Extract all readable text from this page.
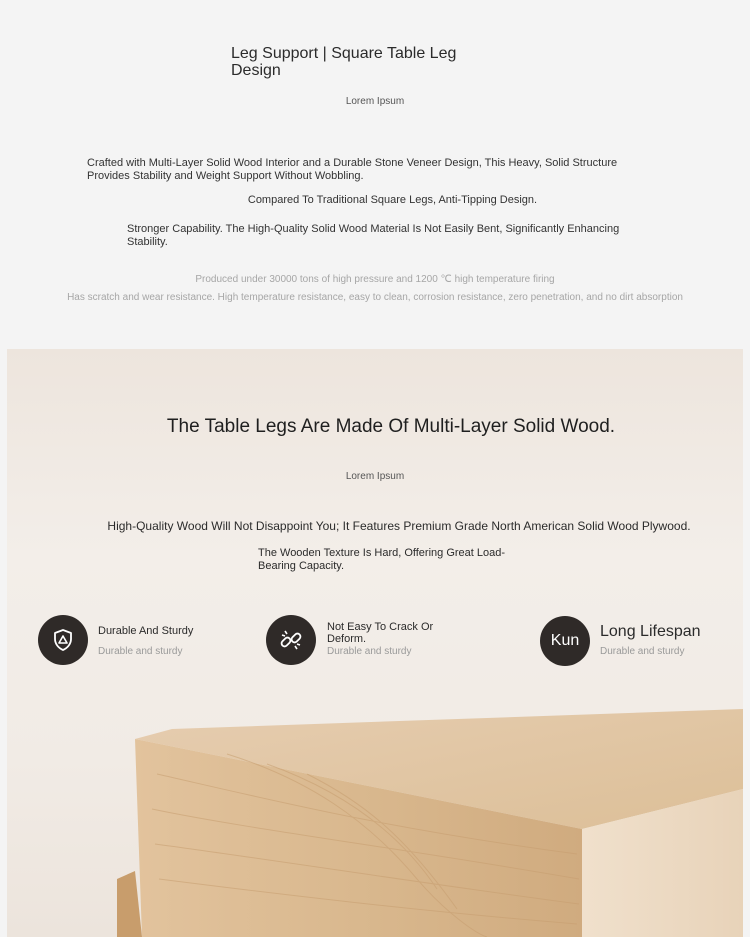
Leg Support | Square Table Leg Design
Lorem Ipsum
Crafted with Multi-Layer Solid Wood Interior and a Durable Stone Veneer Design, This Heavy, Solid Structure Provides Stability and Weight Support Without Wobbling.
Compared To Traditional Square Legs, Anti-Tipping Design.
Stronger Capability. The High-Quality Solid Wood Material Is Not Easily Bent, Significantly Enhancing Stability.
Produced under 30000 tons of high pressure and 1200 ℃ high temperature firing
Has scratch and wear resistance. High temperature resistance, easy to clean, corrosion resistance, zero penetration, and no dirt absorption
The Table Legs Are Made Of Multi-Layer Solid Wood.
Lorem Ipsum
High-Quality Wood Will Not Disappoint You; It Features Premium Grade North American Solid Wood Plywood.
The Wooden Texture Is Hard, Offering Great Load-Bearing Capacity.
Durable And Sturdy
Durable and sturdy
Not Easy To Crack Or Deform.
Durable and sturdy
Kun
Long Lifespan
Durable and sturdy
